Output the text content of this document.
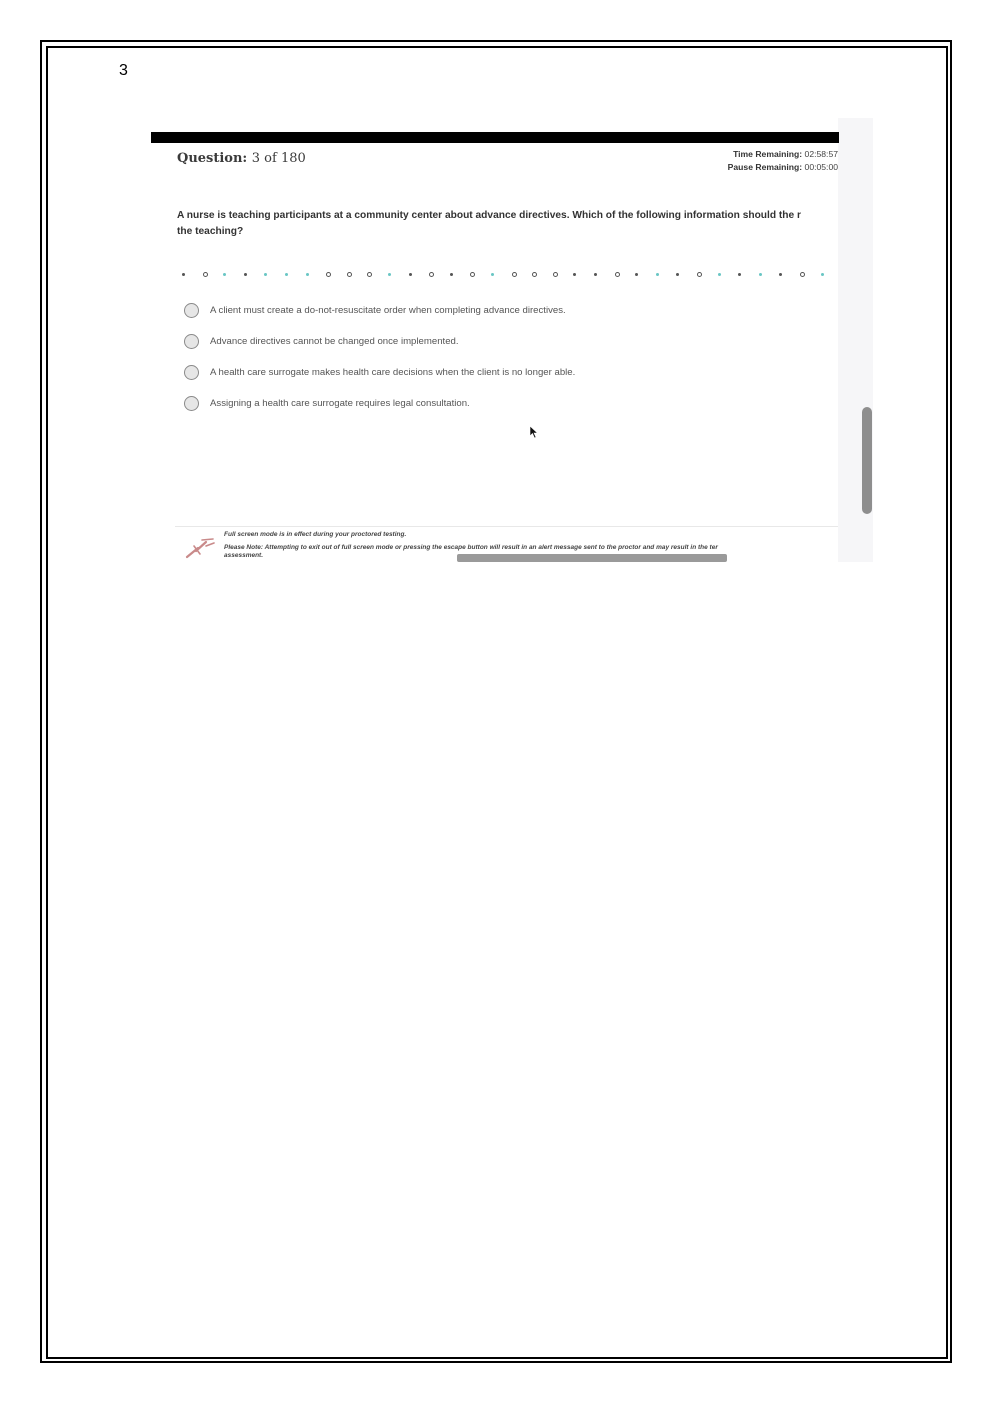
3
Question: 3 of 180	Time Remaining: 02:58:57
Pause Remaining: 00:05:00
A nurse is teaching participants at a community center about advance directives. Which of the following information should the r
the teaching?
A client must create a do-not-resuscitate order when completing advance directives.
Advance directives cannot be changed once implemented.
A health care surrogate makes health care decisions when the client is no longer able.
Assigning a health care surrogate requires legal consultation.
Full screen mode is in effect during your proctored testing.
Please Note: Attempting to exit out of full screen mode or pressing the escape button will result in an alert message sent to the proctor and may result in the ter
assessment.
